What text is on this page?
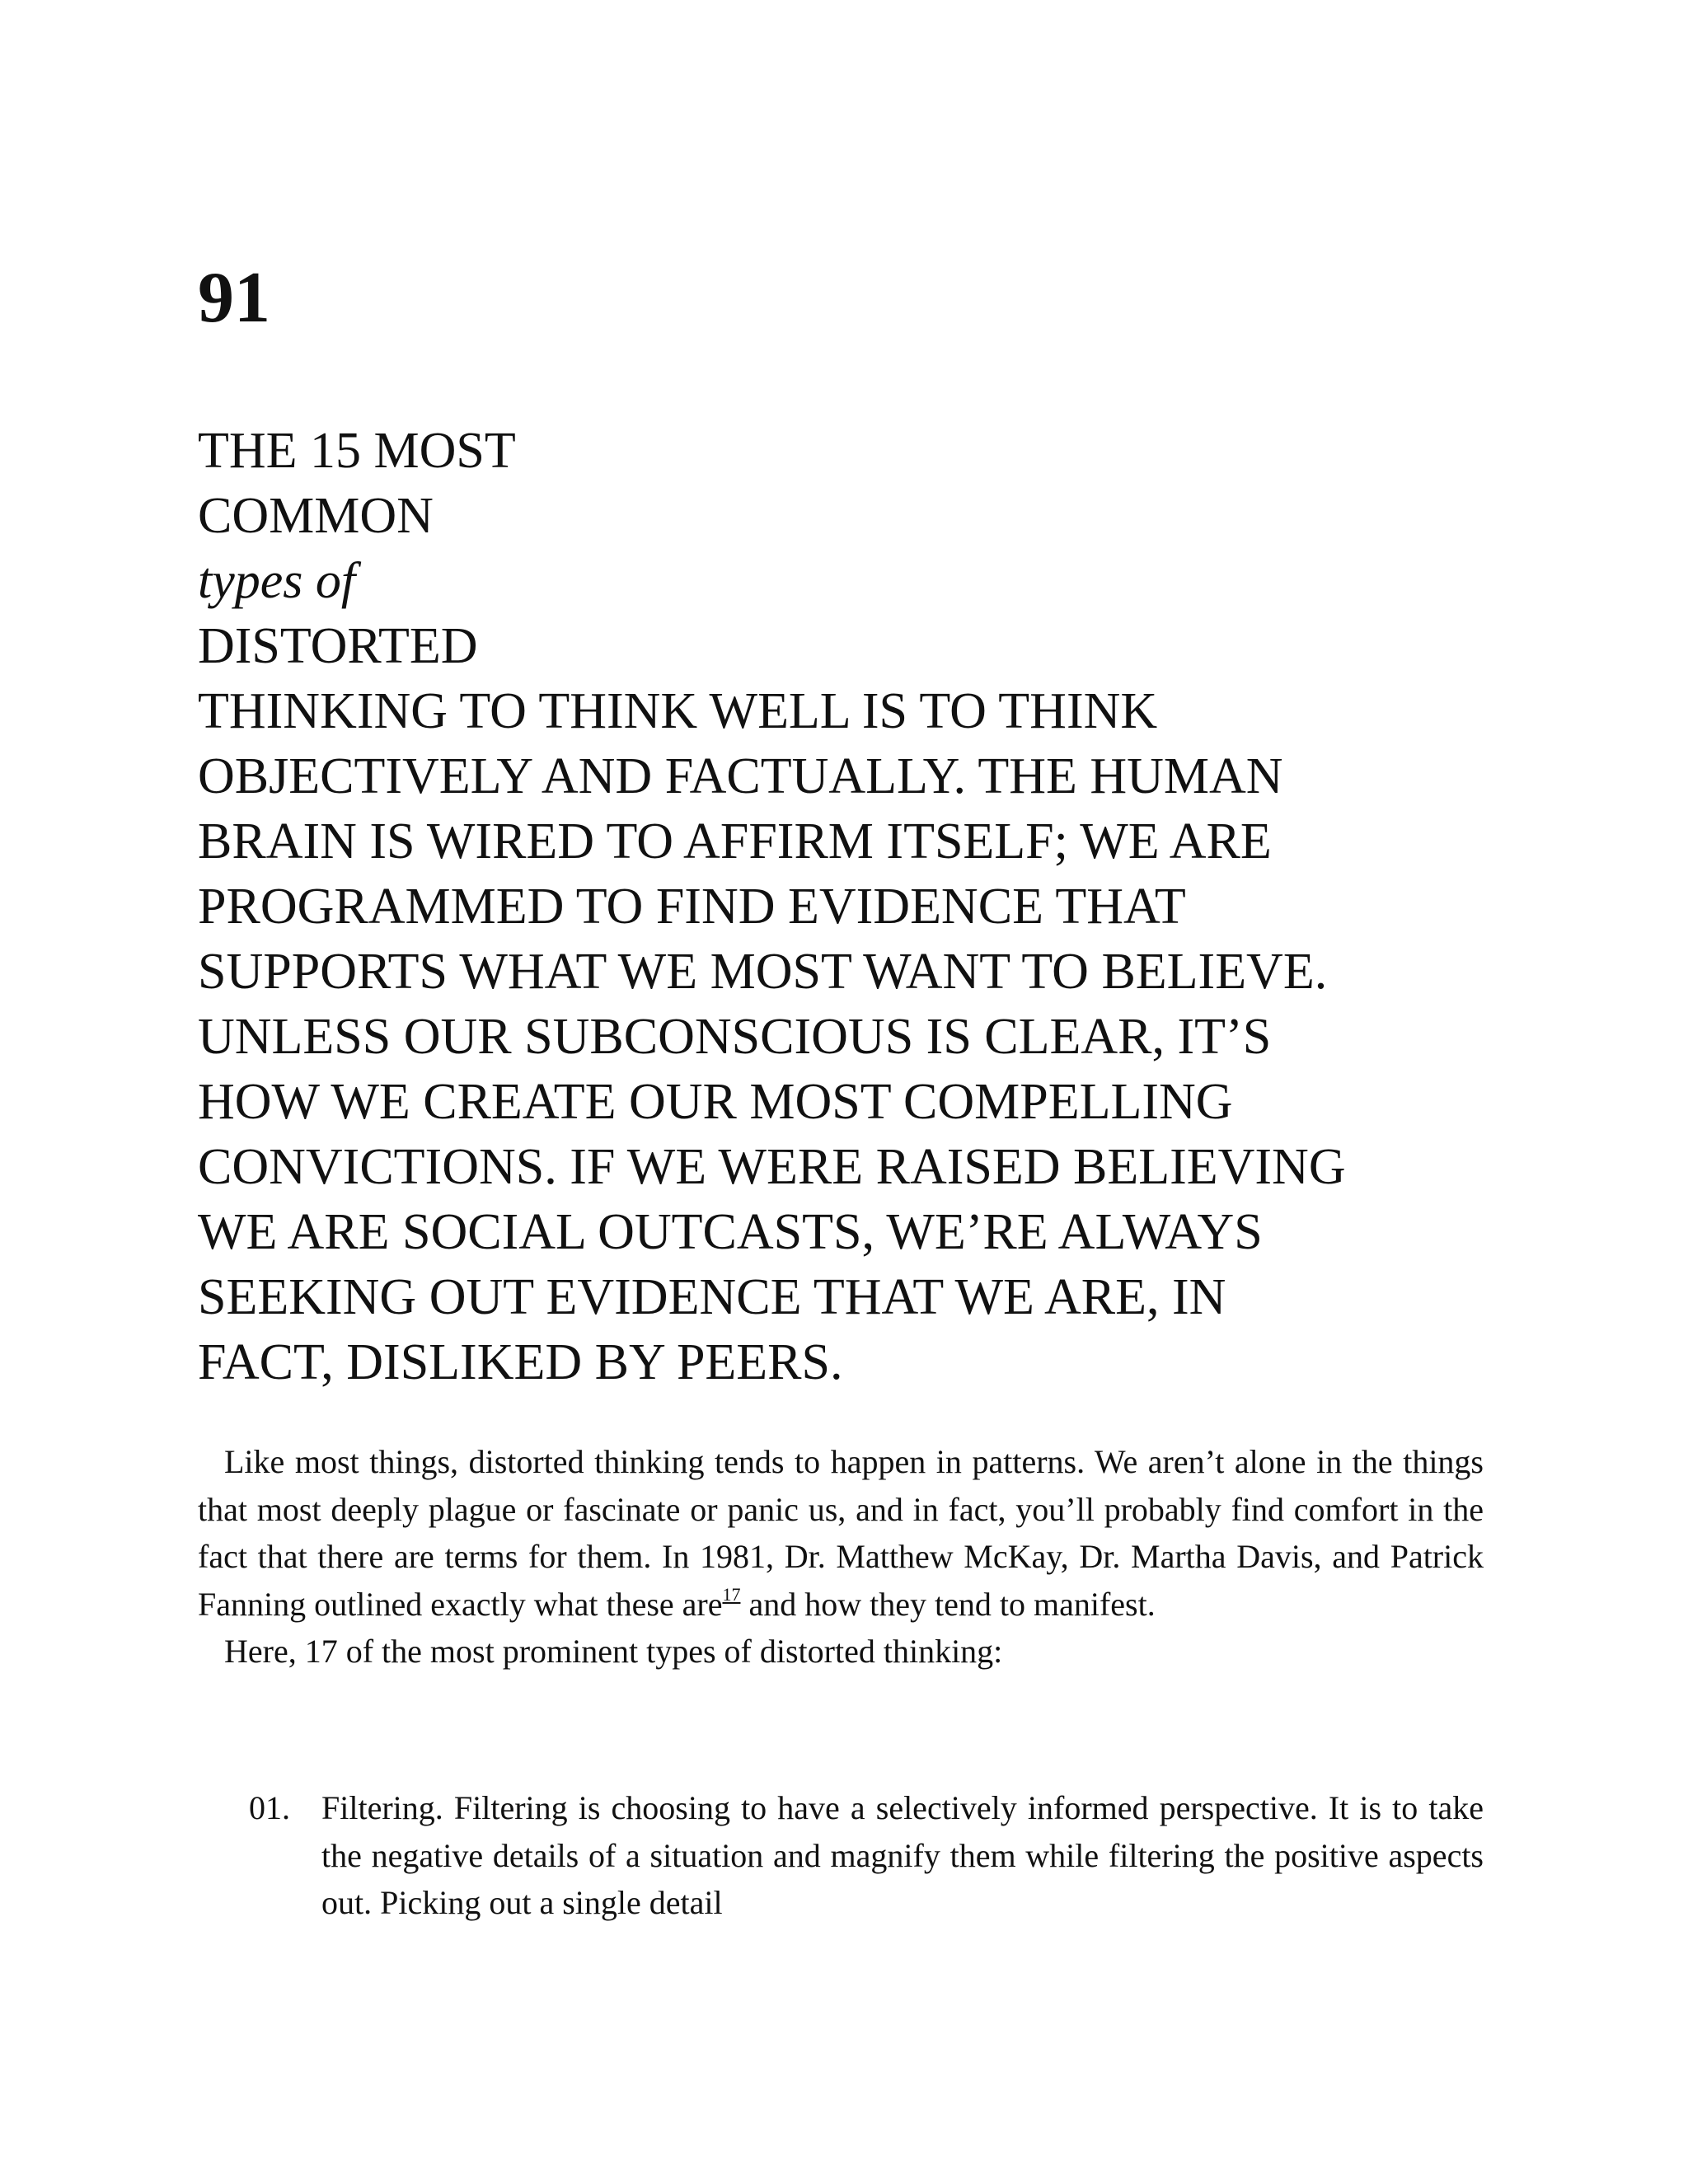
91
THE 15 MOST
COMMON
types of
DISTORTED
THINKING TO THINK WELL IS TO THINK
OBJECTIVELY AND FACTUALLY. THE HUMAN
BRAIN IS WIRED TO AFFIRM ITSELF; WE ARE
PROGRAMMED TO FIND EVIDENCE THAT
SUPPORTS WHAT WE MOST WANT TO BELIEVE.
UNLESS OUR SUBCONSCIOUS IS CLEAR, IT’S
HOW WE CREATE OUR MOST COMPELLING
CONVICTIONS. IF WE WERE RAISED BELIEVING
WE ARE SOCIAL OUTCASTS, WE’RE ALWAYS
SEEKING OUT EVIDENCE THAT WE ARE, IN
FACT, DISLIKED BY PEERS.

Like most things, distorted thinking tends to happen in patterns. We aren’t alone in the things that most deeply plague or fascinate or panic us, and in fact, you’ll probably find comfort in the fact that there are terms for them. In 1981, Dr. Matthew McKay, Dr. Martha Davis, and Patrick Fanning outlined exactly what these are$^{17}$ and how they tend to manifest.

Here, 17 of the most prominent types of distorted thinking:

01. Filtering. Filtering is choosing to have a selectively informed perspective. It is to take the negative details of a situation and magnify them while filtering the positive aspects out. Picking out a single detail
